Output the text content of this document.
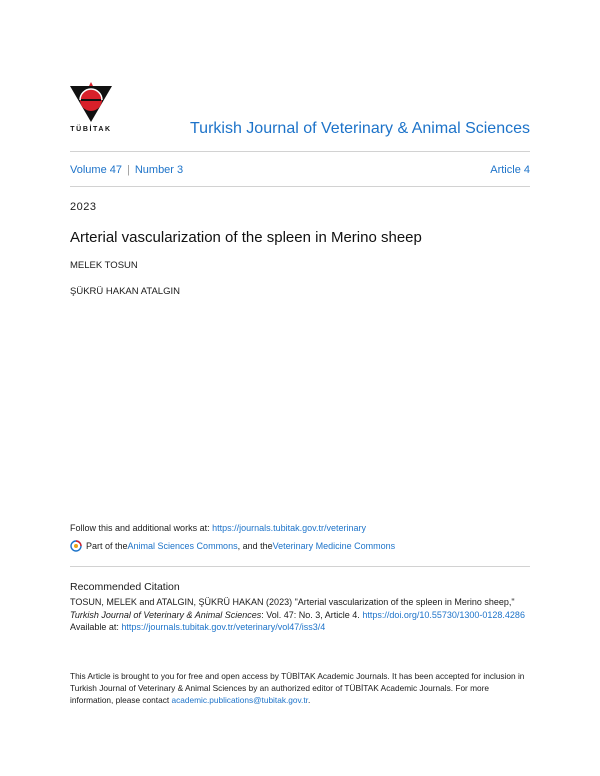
TÜBİTAK	Turkish Journal of Veterinary & Animal Sciences
Volume 47 | Number 3	Article 4
2023
Arterial vascularization of the spleen in Merino sheep
MELEK TOSUN
ŞÜKRÜ HAKAN ATALGIN
Follow this and additional works at: https://journals.tubitak.gov.tr/veterinary
Part of the Animal Sciences Commons , and the Veterinary Medicine Commons
Recommended Citation
TOSUN, MELEK and ATALGIN, ŞÜKRÜ HAKAN (2023) "Arterial vascularization of the spleen in Merino sheep," Turkish Journal of Veterinary & Animal Sciences: Vol. 47: No. 3, Article 4. https://doi.org/10.55730/1300-0128.4286
Available at: https://journals.tubitak.gov.tr/veterinary/vol47/iss3/4
This Article is brought to you for free and open access by TÜBİTAK Academic Journals. It has been accepted for inclusion in Turkish Journal of Veterinary & Animal Sciences by an authorized editor of TÜBİTAK Academic Journals. For more information, please contact academic.publications@tubitak.gov.tr.
